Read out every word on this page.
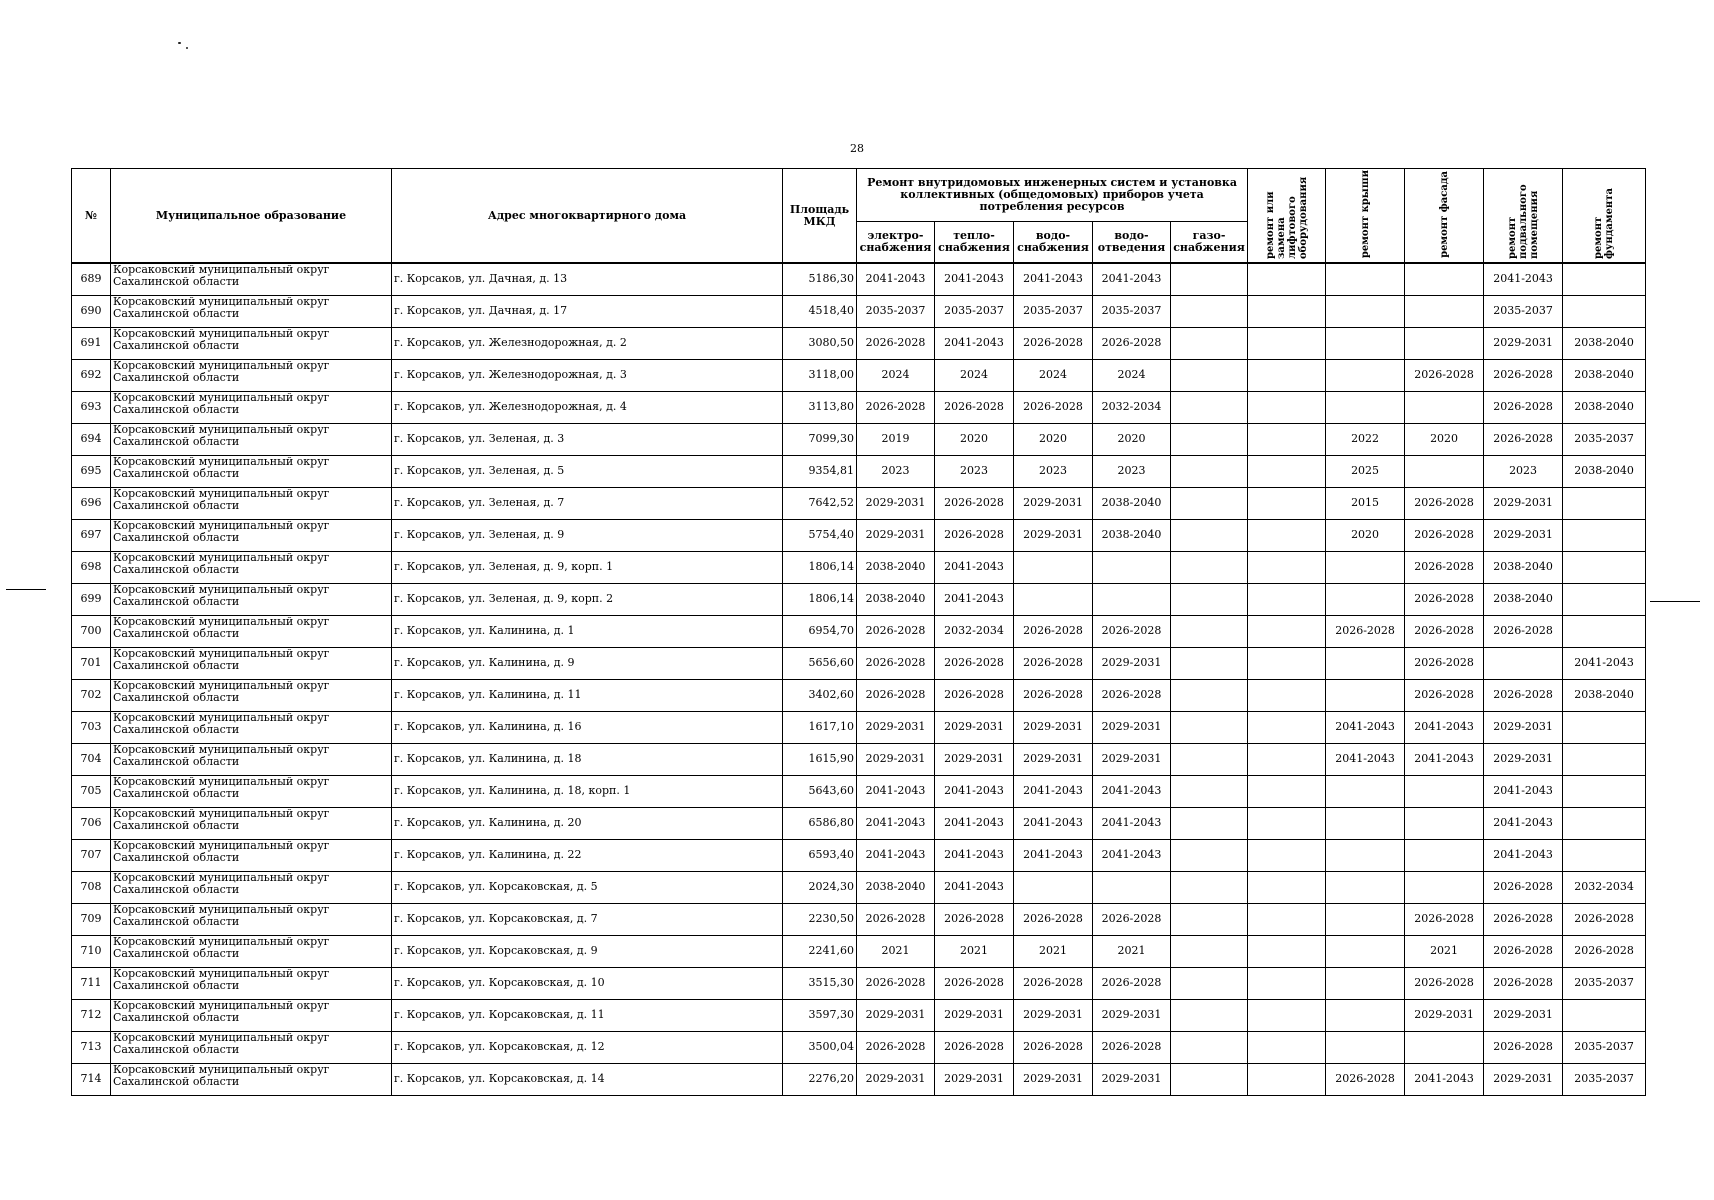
28
№	Муниципальное образование	Адрес многоквартирного дома	Площадь МКД	Ремонт внутридомовых инженерных систем и установка коллективных (общедомовых) приборов учета потребления ресурсов					ремонт или замена лифтового оборудования	ремонт крыши	ремонт фасада	ремонт подвального помещения	ремонт фундамента
				электро-снабжения	тепло-снабжения	водо-снабжения	водо-отведения	газо-снабжения					
689	Корсаковский муниципальный округ Сахалинской области	г. Корсаков, ул. Дачная, д. 13	5186,30	2041-2043	2041-2043	2041-2043	2041-2043					2041-2043	
690	Корсаковский муниципальный округ Сахалинской области	г. Корсаков, ул. Дачная, д. 17	4518,40	2035-2037	2035-2037	2035-2037	2035-2037					2035-2037	
691	Корсаковский муниципальный округ Сахалинской области	г. Корсаков, ул. Железнодорожная, д. 2	3080,50	2026-2028	2041-2043	2026-2028	2026-2028					2029-2031	2038-2040
692	Корсаковский муниципальный округ Сахалинской области	г. Корсаков, ул. Железнодорожная, д. 3	3118,00	2024	2024	2024	2024				2026-2028	2026-2028	2038-2040
693	Корсаковский муниципальный округ Сахалинской области	г. Корсаков, ул. Железнодорожная, д. 4	3113,80	2026-2028	2026-2028	2026-2028	2032-2034					2026-2028	2038-2040
694	Корсаковский муниципальный округ Сахалинской области	г. Корсаков, ул. Зеленая, д. 3	7099,30	2019	2020	2020	2020			2022	2020	2026-2028	2035-2037
695	Корсаковский муниципальный округ Сахалинской области	г. Корсаков, ул. Зеленая, д. 5	9354,81	2023	2023	2023	2023			2025		2023	2038-2040
696	Корсаковский муниципальный округ Сахалинской области	г. Корсаков, ул. Зеленая, д. 7	7642,52	2029-2031	2026-2028	2029-2031	2038-2040			2015	2026-2028	2029-2031	
697	Корсаковский муниципальный округ Сахалинской области	г. Корсаков, ул. Зеленая, д. 9	5754,40	2029-2031	2026-2028	2029-2031	2038-2040			2020	2026-2028	2029-2031	
698	Корсаковский муниципальный округ Сахалинской области	г. Корсаков, ул. Зеленая, д. 9, корп. 1	1806,14	2038-2040	2041-2043						2026-2028	2038-2040	
699	Корсаковский муниципальный округ Сахалинской области	г. Корсаков, ул. Зеленая, д. 9, корп. 2	1806,14	2038-2040	2041-2043						2026-2028	2038-2040	
700	Корсаковский муниципальный округ Сахалинской области	г. Корсаков, ул. Калинина, д. 1	6954,70	2026-2028	2032-2034	2026-2028	2026-2028			2026-2028	2026-2028	2026-2028	
701	Корсаковский муниципальный округ Сахалинской области	г. Корсаков, ул. Калинина, д. 9	5656,60	2026-2028	2026-2028	2026-2028	2029-2031				2026-2028		2041-2043
702	Корсаковский муниципальный округ Сахалинской области	г. Корсаков, ул. Калинина, д. 11	3402,60	2026-2028	2026-2028	2026-2028	2026-2028				2026-2028	2026-2028	2038-2040
703	Корсаковский муниципальный округ Сахалинской области	г. Корсаков, ул. Калинина, д. 16	1617,10	2029-2031	2029-2031	2029-2031	2029-2031			2041-2043	2041-2043	2029-2031	
704	Корсаковский муниципальный округ Сахалинской области	г. Корсаков, ул. Калинина, д. 18	1615,90	2029-2031	2029-2031	2029-2031	2029-2031			2041-2043	2041-2043	2029-2031	
705	Корсаковский муниципальный округ Сахалинской области	г. Корсаков, ул. Калинина, д. 18, корп. 1	5643,60	2041-2043	2041-2043	2041-2043	2041-2043					2041-2043	
706	Корсаковский муниципальный округ Сахалинской области	г. Корсаков, ул. Калинина, д. 20	6586,80	2041-2043	2041-2043	2041-2043	2041-2043					2041-2043	
707	Корсаковский муниципальный округ Сахалинской области	г. Корсаков, ул. Калинина, д. 22	6593,40	2041-2043	2041-2043	2041-2043	2041-2043					2041-2043	
708	Корсаковский муниципальный округ Сахалинской области	г. Корсаков, ул. Корсаковская, д. 5	2024,30	2038-2040	2041-2043							2026-2028	2032-2034
709	Корсаковский муниципальный округ Сахалинской области	г. Корсаков, ул. Корсаковская, д. 7	2230,50	2026-2028	2026-2028	2026-2028	2026-2028				2026-2028	2026-2028	2026-2028
710	Корсаковский муниципальный округ Сахалинской области	г. Корсаков, ул. Корсаковская, д. 9	2241,60	2021	2021	2021	2021				2021	2026-2028	2026-2028
711	Корсаковский муниципальный округ Сахалинской области	г. Корсаков, ул. Корсаковская, д. 10	3515,30	2026-2028	2026-2028	2026-2028	2026-2028				2026-2028	2026-2028	2035-2037
712	Корсаковский муниципальный округ Сахалинской области	г. Корсаков, ул. Корсаковская, д. 11	3597,30	2029-2031	2029-2031	2029-2031	2029-2031				2029-2031	2029-2031	
713	Корсаковский муниципальный округ Сахалинской области	г. Корсаков, ул. Корсаковская, д. 12	3500,04	2026-2028	2026-2028	2026-2028	2026-2028					2026-2028	2035-2037
714	Корсаковский муниципальный округ Сахалинской области	г. Корсаков, ул. Корсаковская, д. 14	2276,20	2029-2031	2029-2031	2029-2031	2029-2031			2026-2028	2041-2043	2029-2031	2035-2037
